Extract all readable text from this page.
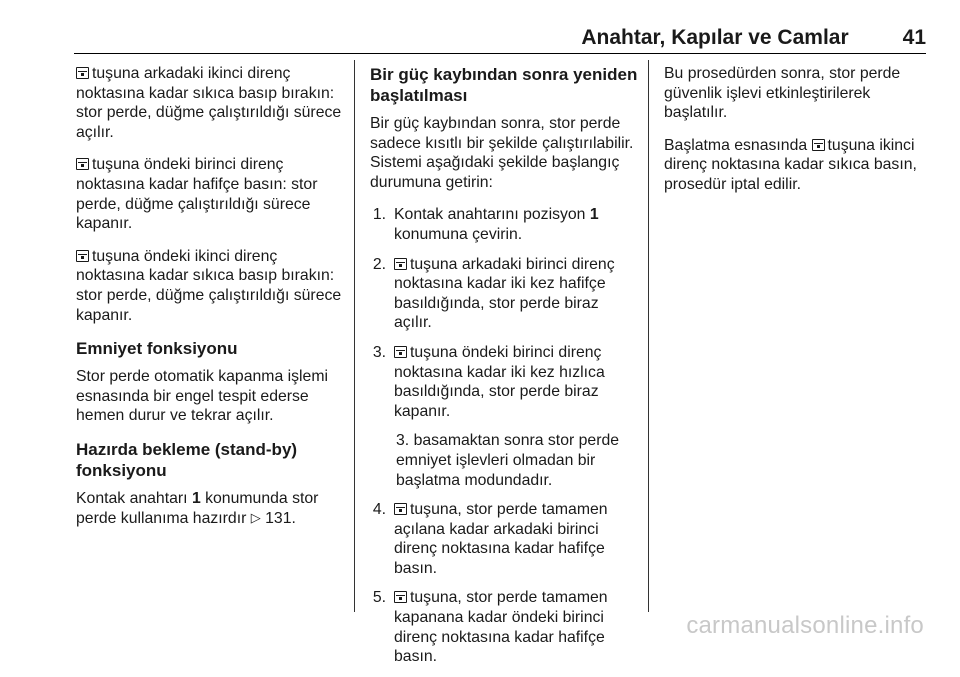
Anahtar, Kapılar ve Camlar	41

tuşuna arkadaki ikinci direnç noktasına kadar sıkıca basıp bırakın: stor perde, düğme çalıştırıldığı sürece açılır.

tuşuna öndeki birinci direnç noktasına kadar hafifçe basın: stor perde, düğme çalıştırıldığı sürece kapanır.

tuşuna öndeki ikinci direnç noktasına kadar sıkıca basıp bırakın: stor perde, düğme çalıştırıldığı sürece kapanır.

Emniyet fonksiyonu

Stor perde otomatik kapanma işlemi esnasında bir engel tespit ederse hemen durur ve tekrar açılır.

Hazırda bekleme (stand-by) fonksiyonu

Kontak anahtarı 1 konumunda stor perde kullanıma hazırdır ▷ 131.

Bir güç kaybından sonra yeniden başlatılması

Bir güç kaybından sonra, stor perde sadece kısıtlı bir şekilde çalıştırılabilir. Sistemi aşağıdaki şekilde başlangıç durumuna getirin:

1. Kontak anahtarını pozisyon 1 konumuna çevirin.
2.	tuşuna arkadaki birinci direnç noktasına kadar iki kez hafifçe basıldığında, stor perde biraz açılır.
3.	tuşuna öndeki birinci direnç noktasına kadar iki kez hızlıca basıldığında, stor perde biraz kapanır.

3. basamaktan sonra stor perde emniyet işlevleri olmadan bir başlatma modundadır.

4.	tuşuna, stor perde tamamen açılana kadar arkadaki birinci direnç noktasına kadar hafifçe basın.
5.	tuşuna, stor perde tamamen kapanana kadar öndeki birinci direnç noktasına kadar hafifçe basın.

Bu prosedürden sonra, stor perde güvenlik işlevi etkinleştirilerek başlatılır.

Başlatma esnasında tuşuna ikinci direnç noktasına kadar sıkıca basın, prosedür iptal edilir.

carmanualsonline.info
